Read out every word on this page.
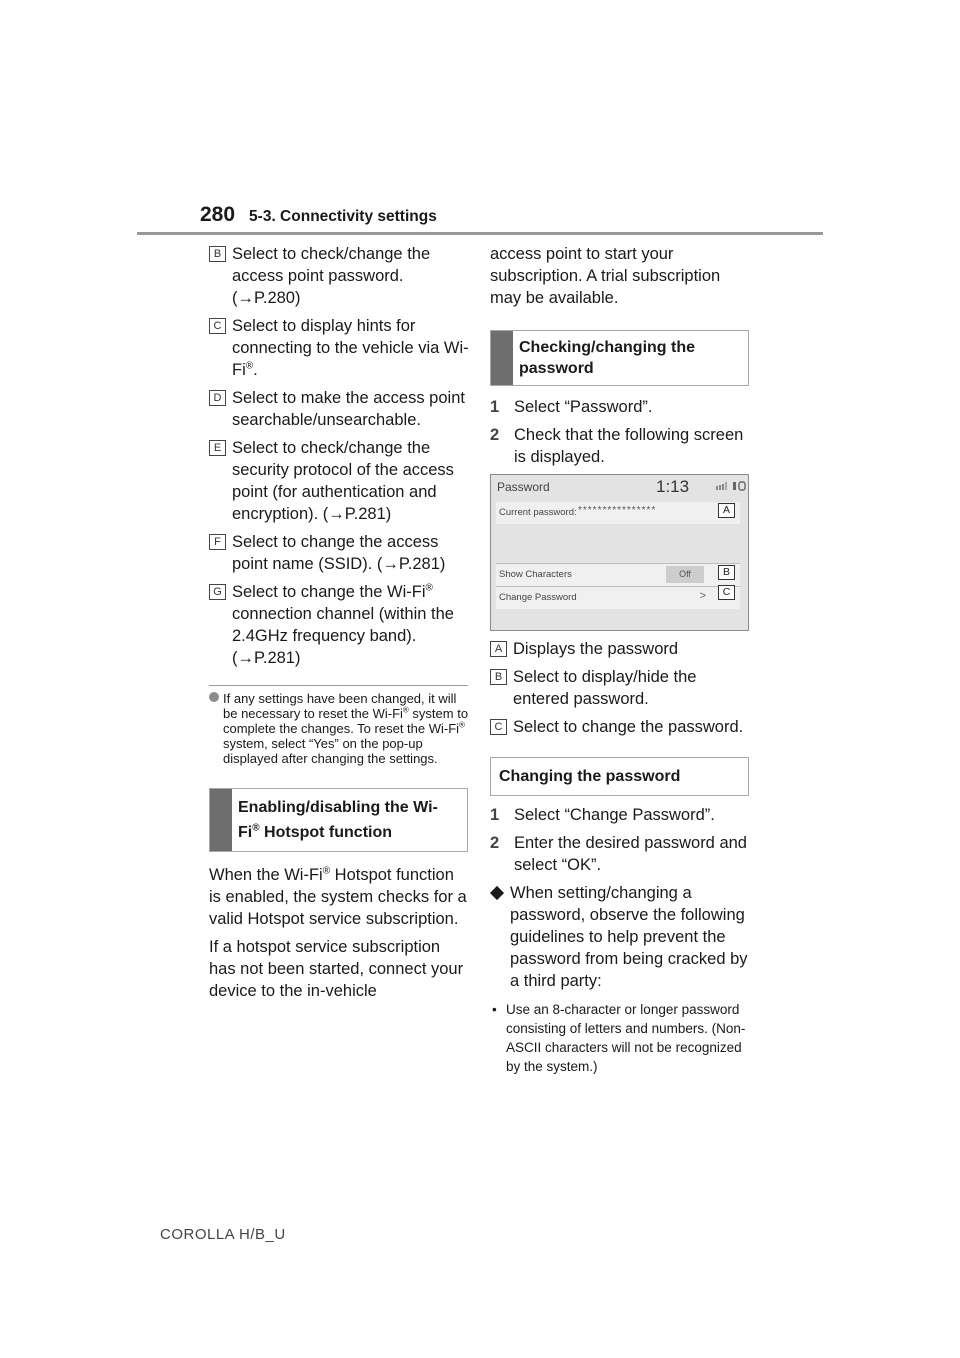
280 5-3. Connectivity settings
B Select to check/change the access point password. (→P.280)
C Select to display hints for connecting to the vehicle via Wi-Fi®.
D Select to make the access point searchable/unsearchable.
E Select to check/change the security protocol of the access point (for authentication and encryption). (→P.281)
F Select to change the access point name (SSID). (→P.281)
G Select to change the Wi-Fi® connection channel (within the 2.4GHz frequency band). (→P.281)
If any settings have been changed, it will be necessary to reset the Wi-Fi® system to complete the changes. To reset the Wi-Fi® system, select “Yes” on the pop-up displayed after changing the settings.
Enabling/disabling the Wi-Fi® Hotspot function
When the Wi-Fi® Hotspot function is enabled, the system checks for a valid Hotspot service subscription.
If a hotspot service subscription has not been started, connect your device to the in-vehicle
access point to start your subscription. A trial subscription may be available.
Checking/changing the password
1 Select “Password”.
2 Check that the following screen is displayed.
Password	1:13
Current password: ****************
Show Characters	Off
Change Password	>
A
B
C
A Displays the password
B Select to display/hide the entered password.
C Select to change the password.
Changing the password
1 Select “Change Password”.
2 Enter the desired password and select “OK”.
When setting/changing a password, observe the following guidelines to help prevent the password from being cracked by a third party:
• Use an 8-character or longer password consisting of letters and numbers. (Non-ASCII characters will not be recognized by the system.)
COROLLA H/B_U
